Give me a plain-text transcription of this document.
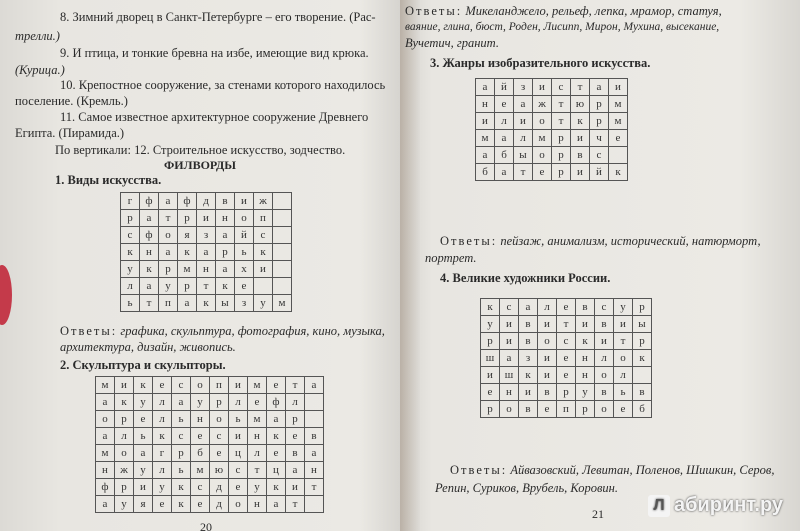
8. Зимний дворец в Санкт-Петербурге – его творение. (Рас-
трелли.)
9. И птица, и тонкие бревна на избе, имеющие вид крюка.
(Курица.)
10. Крепостное сооружение, за стенами которого находилось
поселение. (Кремль.)
11. Самое известное архитектурное сооружение Древнего
Египта. (Пирамида.)
По вертикали: 12. Строительное искусство, зодчество.
ФИЛВОРДЫ
1. Виды искусства.
г	ф	а	ф	д	в	и	ж	
р	а	т	р	и	н	о	п	
с	ф	о	я	з	а	й	с	
к	н	а	к	а	р	ь	к	
у	к	р	м	н	а	х	и	
л	а	у	р	т	к	е		
ь	т	п	а	к	ы	з	у	м
Ответы: графика, скульптура, фотография, кино, музыка,
архитектура, дизайн, живопись.
2. Скульптура и скульпторы.
м	и	к	е	с	о	п	и	м	е	т	а
а	к	у	л	а	у	р	л	е	ф	л	
о	р	е	л	ь	н	о	ь	м	а	р	
а	л	ь	к	с	е	с	и	н	к	е	в
м	о	а	г	р	б	е	ц	л	е	в	а
н	ж	у	л	ь	м	ю	с	т	ц	а	н
ф	р	и	у	к	с	д	е	у	к	и	т
а	у	я	е	к	е	д	о	н	а	т	
20
Ответы: Микеланджело, рельеф, лепка, мрамор, статуя,
ваяние, глина, бюст, Роден, Лисипп, Мирон, Мухина, высекание,
Вучетич, гранит.
3. Жанры изобразительного искусства.
а	й	з	и	с	т	а	и
н	е	а	ж	т	ю	р	м
и	л	и	о	т	к	р	м
м	а	л	м	р	и	ч	е
а	б	ы	о	р	в	с	
б	а	т	е	р	и	й	к
Ответы: пейзаж, анимализм, исторический, натюрморт,
портрет.
4. Великие художники России.
к	с	а	л	е	в	с	у	р
у	и	в	и	т	и	в	и	ы
р	и	в	о	с	к	и	т	р
ш	а	з	и	е	н	л	о	к
и	ш	к	и	е	н	о	л	
е	н	и	в	р	у	в	ь	в
р	о	в	е	п	р	о	е	б
Ответы: Айвазовский, Левитан, Поленов, Шишкин, Серов,
Репин, Суриков, Врубель, Коровин.
21
Л абиринт.ру
